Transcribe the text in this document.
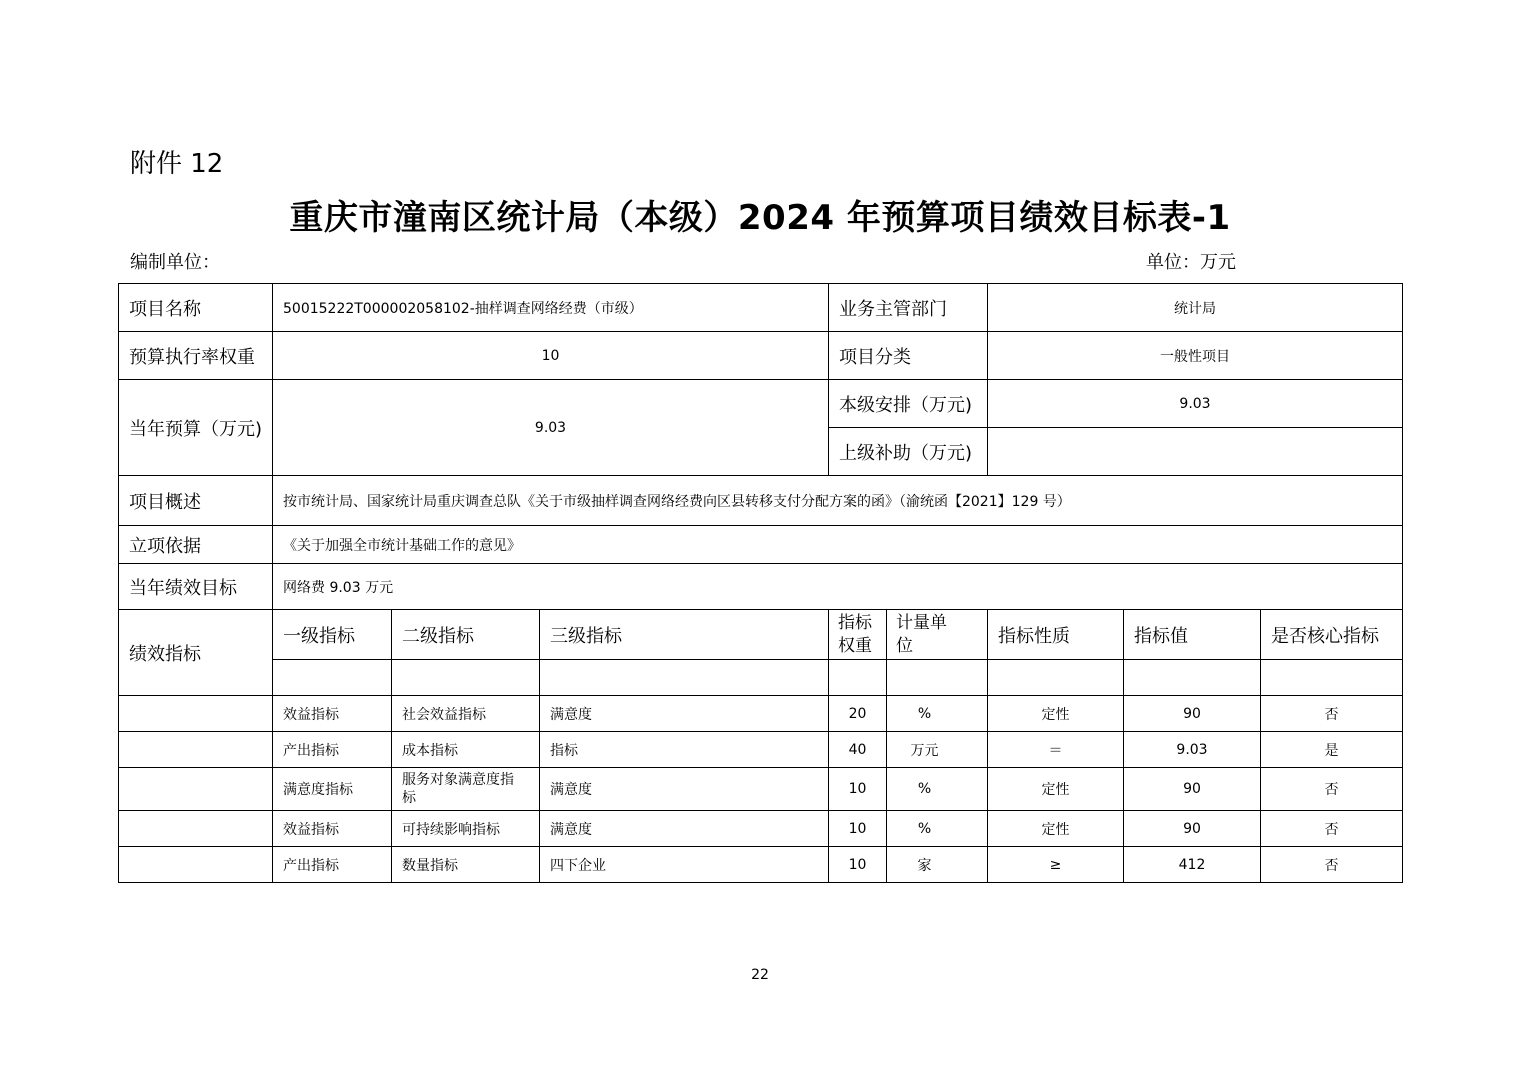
附件 12
重庆市潼南区统计局（本级）2024 年预算项目绩效目标表-1
编制单位：	单位：万元
项目名称	50015222T000002058102-抽样调查网络经费（市级）			业务主管部门		统计局		
预算执行率权重	10			项目分类		一般性项目		
当年预算（万元)	9.03			本级安排（万元)		9.03		
				上级补助（万元)				
项目概述	按市统计局、国家统计局重庆调查总队《关于市级抽样调查网络经费向区县转移支付分配方案的函》（渝统函【2021】129 号）							
立项依据	《关于加强全市统计基础工作的意见》							
当年绩效目标	网络费 9.03 万元							
绩效指标	一级指标	二级指标	三级指标	指标权重	计量单位	指标性质	指标值	是否核心指标

	效益指标	社会效益指标	满意度	20	%	定性	90	否
	产出指标	成本指标	指标	40	万元	＝	9.03	是
	满意度指标	服务对象满意度指标	满意度	10	%	定性	90	否
	效益指标	可持续影响指标	满意度	10	%	定性	90	否
	产出指标	数量指标	四下企业	10	家	≥	412	否
22
